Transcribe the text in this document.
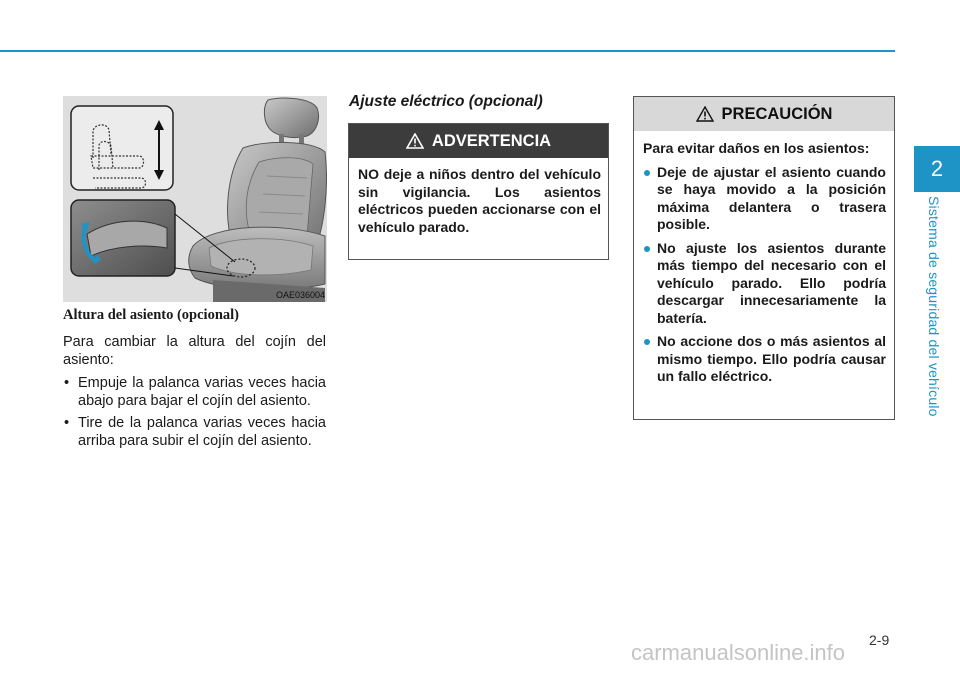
2
Sistema de seguridad del vehículo
OAE036004
Altura del asiento (opcional)

Para cambiar la altura del cojín del asiento:

• Empuje la palanca varias veces hacia abajo para bajar el cojín del asiento.
• Tire de la palanca varias veces hacia arriba para subir el cojín del asiento.
Ajuste eléctrico (opcional)
ADVERTENCIA

NO deje a niños dentro del vehículo sin vigilancia. Los asientos eléctricos pueden accionarse con el vehículo parado.

PRECAUCIÓN

Para evitar daños en los asientos:

Deje de ajustar el asiento cuando se haya movido a la posición máxima delantera o trasera posible.
No ajuste los asientos durante más tiempo del necesario con el vehículo parado. Ello podría descargar innecesariamente la batería.
No accione dos o más asientos al mismo tiempo. Ello podría causar un fallo eléctrico.
2-9
carmanualsonline.info
